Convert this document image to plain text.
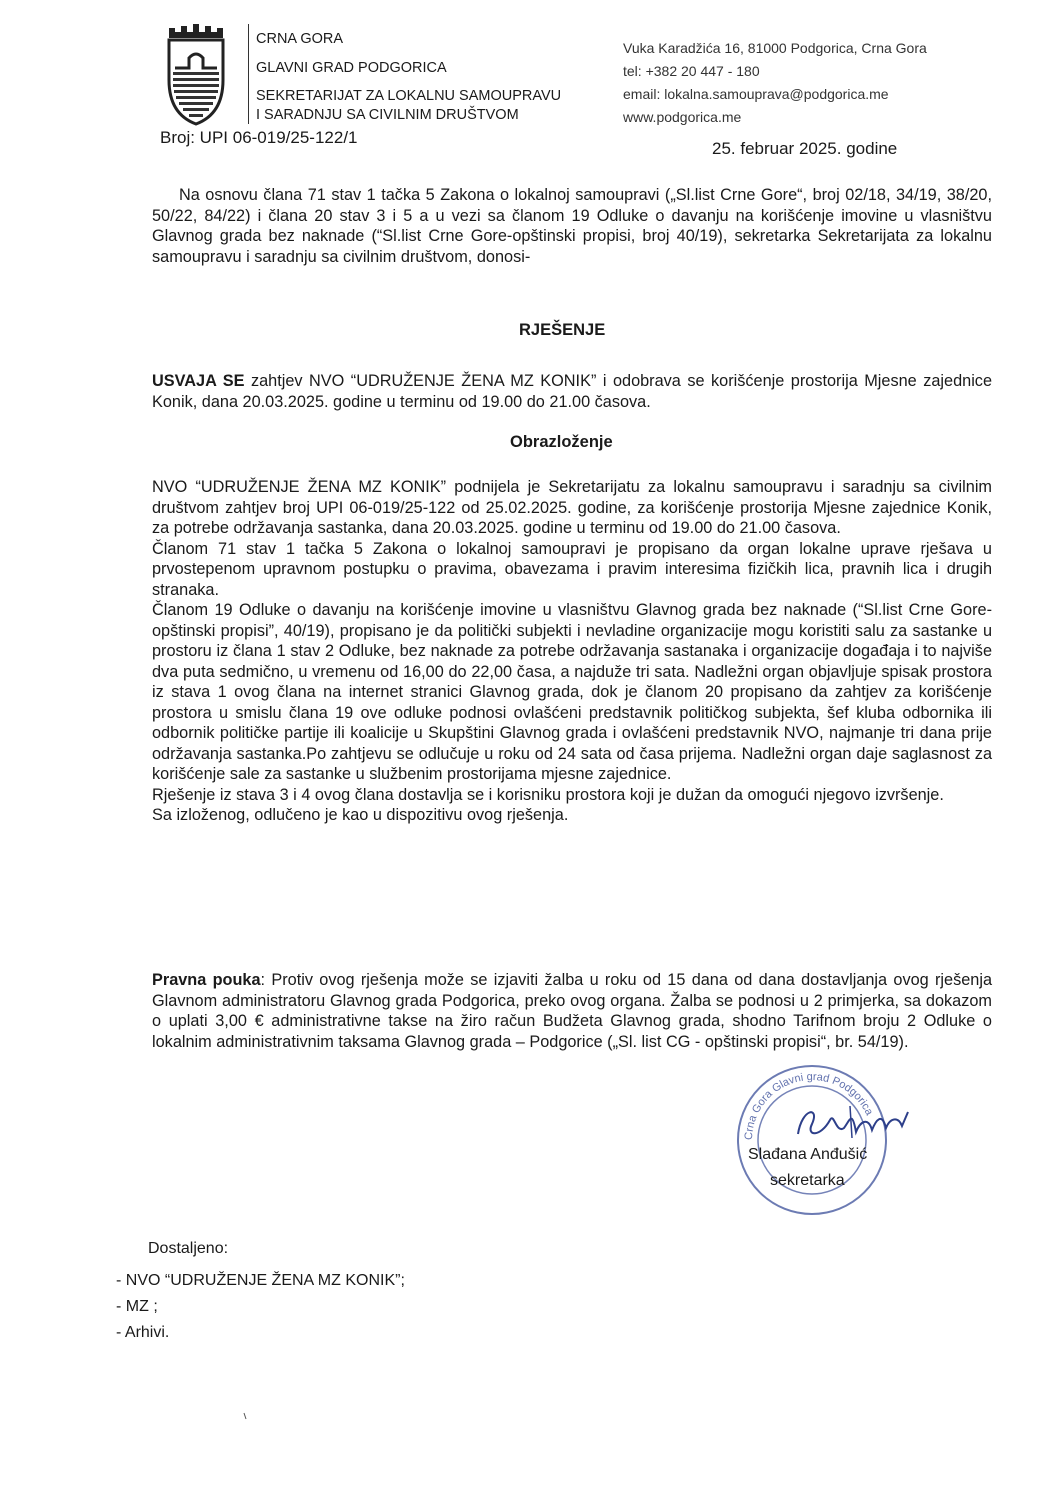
CRNA GORA
GLAVNI GRAD PODGORICA
SEKRETARIJAT ZA LOKALNU SAMOUPRAVU
I SARADNJU SA CIVILNIM DRUŠTVOM
Vuka Karadžića 16, 81000 Podgorica, Crna Gora
tel: +382 20 447 - 180
email: lokalna.samouprava@podgorica.me
www.podgorica.me
Broj: UPI 06-019/25-122/1
25. februar 2025. godine
Na osnovu člana 71 stav 1 tačka 5 Zakona o lokalnoj samoupravi („Sl.list Crne Gore“, broj 02/18, 34/19, 38/20, 50/22, 84/22) i člana 20 stav 3 i 5 a u vezi sa članom 19 Odluke o davanju na korišćenje imovine u vlasništvu Glavnog grada bez naknade (“Sl.list Crne Gore-opštinski propisi, broj 40/19), sekretarka Sekretarijata za lokalnu samoupravu i saradnju sa civilnim društvom, donosi-
RJEŠENJE
USVAJA SE zahtjev NVO “UDRUŽENJE ŽENA MZ KONIK” i odobrava se korišćenje prostorija Mjesne zajednice Konik, dana 20.03.2025. godine u terminu od 19.00 do 21.00 časova.
Obrazloženje

NVO “UDRUŽENJE ŽENA MZ KONIK” podnijela je Sekretarijatu za lokalnu samoupravu i saradnju sa civilnim društvom zahtjev broj UPI 06-019/25-122 od 25.02.2025. godine, za korišćenje prostorija Mjesne zajednice Konik, za potrebe održavanja sastanka, dana 20.03.2025. godine u terminu od 19.00 do 21.00 časova.

Članom 71 stav 1 tačka 5 Zakona o lokalnoj samoupravi je propisano da organ lokalne uprave rješava u prvostepenom upravnom postupku o pravima, obavezama i pravim interesima fizičkih lica, pravnih lica i drugih stranaka.

Članom 19 Odluke o davanju na korišćenje imovine u vlasništvu Glavnog grada bez naknade (“Sl.list Crne Gore-opštinski propisi”, 40/19), propisano je da politički subjekti i nevladine organizacije mogu koristiti salu za sastanke u prostoru iz člana 1 stav 2 Odluke, bez naknade za potrebe održavanja sastanaka i organizacije događaja i to najviše dva puta sedmično, u vremenu od 16,00 do 22,00 časa, a najduže tri sata. Nadležni organ objavljuje spisak prostora iz stava 1 ovog člana na internet stranici Glavnog grada, dok je članom 20 propisano da zahtjev za korišćenje prostora u smislu člana 19 ove odluke podnosi ovlašćeni predstavnik političkog subjekta, šef kluba odbornika ili odbornik političke partije ili koalicije u Skupštini Glavnog grada i ovlašćeni predstavnik NVO, najmanje tri dana prije održavanja sastanka.Po zahtjevu se odlučuje u roku od 24 sata od časa prijema. Nadležni organ daje saglasnost za korišćenje sale za sastanke u službenim prostorijama mjesne zajednice.

Rješenje iz stava 3 i 4 ovog člana dostavlja se i korisniku prostora koji je dužan da omogući njegovo izvršenje.

Sa izloženog, odlučeno je kao u dispozitivu ovog rješenja.

Pravna pouka: Protiv ovog rješenja može se izjaviti žalba u roku od 15 dana od dana dostavljanja ovog rješenja Glavnom administratoru Glavnog grada Podgorica, preko ovog organa. Žalba se podnosi u 2 primjerka, sa dokazom o uplati 3,00 € administrativne takse na žiro račun Budžeta Glavnog grada, shodno Tarifnom broju 2 Odluke o lokalnim administrativnim taksama Glavnog grada – Podgorice („Sl. list CG - opštinski propisi“, br. 54/19).
Crna Gora Glavni grad Podgorica
Slađana Anđušić
sekretarka
Dostaljeno:
- NVO “UDRUŽENJE ŽENA MZ KONIK”;
- MZ ;
- Arhivi.
